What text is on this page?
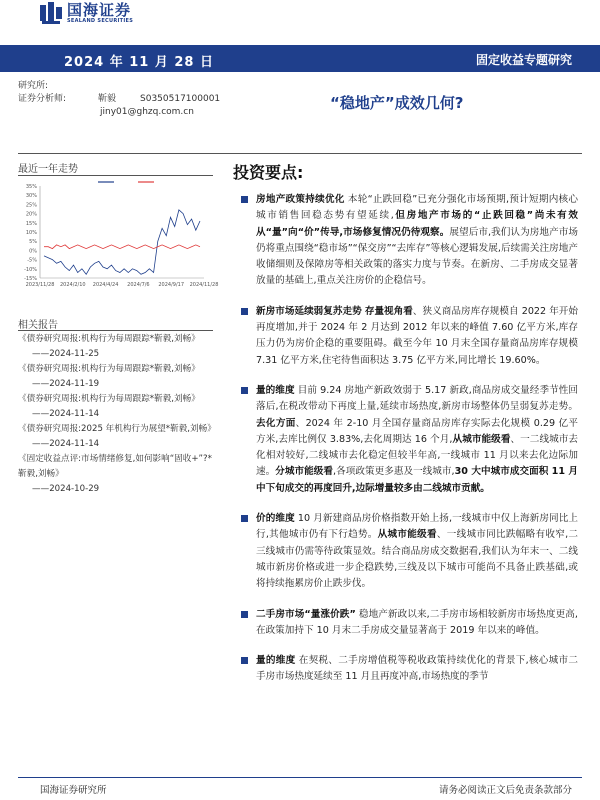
国海证券
SEALAND SECURITIES
2024 年 11 月 28 日	固定收益专题研究
研究所:
证券分析师:	靳毅	S0350517100001
jiny01@ghzq.com.cn	“稳地产”成效几何?
最近一年走势
35%
30%
25%
20%
15%
10%
5%
0%
-5%
-10%
-15%
2023/11/28 2024/2/10 2024/4/24 2024/7/6 2024/9/17 2024/11/28
相关报告
《债券研究周报:机构行为每周跟踪*靳毅,刘畅》
——2024-11-25
《债券研究周报:机构行为每周跟踪*靳毅,刘畅》
——2024-11-19
《债券研究周报:机构行为每周跟踪*靳毅,刘畅》
——2024-11-14
《债券研究周报:2025 年机构行为展望*靳毅,刘畅》
——2024-11-14
《固定收益点评:市场情绪修复,如何影响“固收+”?*靳毅,刘畅》
——2024-10-29
投资要点:
房地产政策持续优化 本轮“止跌回稳”已充分强化市场预期,预计短期内核心城市销售回稳态势有望延续,但房地产市场的“止跌回稳”尚未有效从“量”向“价”传导,市场修复情况仍待观察。展望后市,我们认为房地产市场仍将重点围绕“稳市场”“保交房”“去库存”等核心逻辑发展,后续需关注房地产收储细则及保障房等相关政策的落实力度与节奏。在新房、二手房成交显著放量的基础上,重点关注房价的企稳信号。
新房市场延续弱复苏走势 存量视角看、狭义商品房库存规模自 2022 年开始再度增加,并于 2024 年 2 月达到 2012 年以来的峰值 7.60 亿平方米,库存压力仍为房价企稳的重要阻碍。截至今年 10 月末全国存量商品房库存规模 7.31 亿平方米,住宅待售面积达 3.75 亿平方米,同比增长 19.60%。
量的维度 目前 9.24 房地产新政效弱于 5.17 新政,商品房成交量经季节性回落后,在税改带动下再度上量,延续市场热度,新房市场整体仍呈弱复苏走势。去化方面、2024 年 2-10 月全国存量商品房库存实际去化规模 0.29 亿平方米,去库比例仅 3.83%,去化周期达 16 个月,从城市能级看、一二线城市去化相对较好,二线城市去化稳定但较半年高,一线城市 11 月以来去化边际加速。分城市能级看,各项政策更多惠及一线城市,30 大中城市成交面积 11 月中下旬成交的再度回升,边际增量较多由二线城市贡献。
价的维度 10 月新建商品房价格指数开始上扬,一线城市中仅上海新房同比上行,其他城市仍有下行趋势。从城市能级看、一线城市同比跌幅略有收窄,二三线城市仍需等待政策显效。结合商品房成交数据看,我们认为年末一、二线城市新房价格或进一步企稳跌势,三线及以下城市可能尚不具备止跌基础,或将持续拖累房价止跌步伐。
二手房市场“量涨价跌” 稳地产新政以来,二手房市场相较新房市场热度更高,在政策加持下 10 月末二手房成交量显著高于 2019 年以来的峰值。
量的维度 在契税、二手房增值税等税收政策持续优化的背景下,核心城市二手房市场热度延续至 11 月且再度冲高,市场热度的季节
国海证券研究所	请务必阅读正文后免责条款部分
